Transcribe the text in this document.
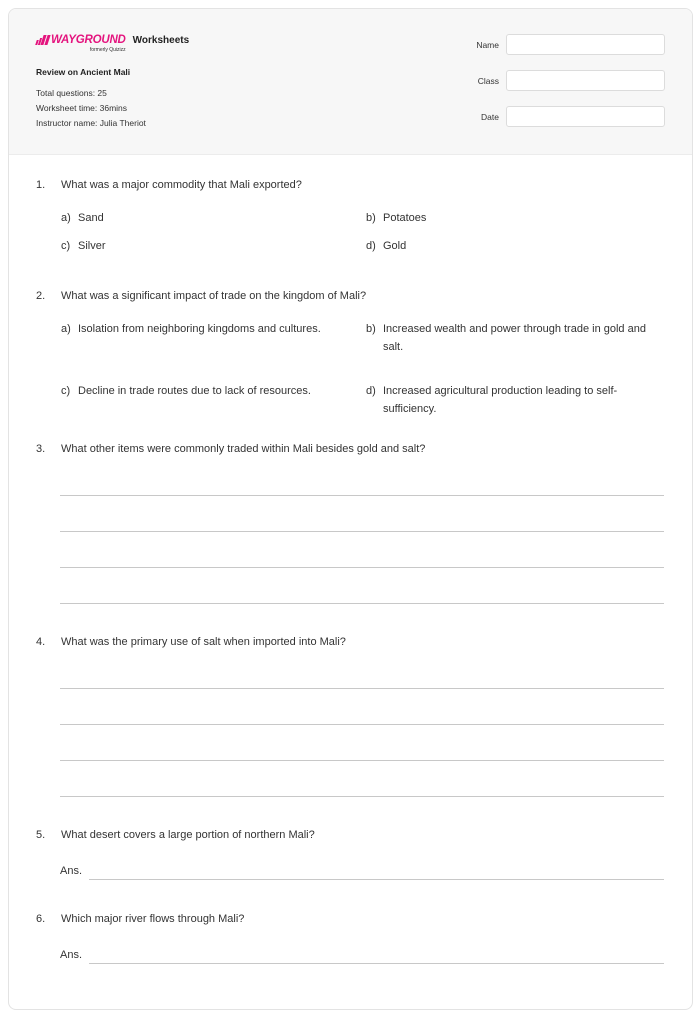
WAYGROUND
formerly Quizizz
Worksheets
Review on Ancient Mali
Total questions: 25
Worksheet time: 36mins
Instructor name: Julia Theriot
Name
Class
Date
1. What was a major commodity that Mali exported?
a) Sand	b) Potatoes
c) Silver	d) Gold
2. What was a significant impact of trade on the kingdom of Mali?
a) Isolation from neighboring kingdoms and cultures.	b) Increased wealth and power through trade in gold and salt.
c) Decline in trade routes due to lack of resources.	d) Increased agricultural production leading to self-sufficiency.
3. What other items were commonly traded within Mali besides gold and salt?
4. What was the primary use of salt when imported into Mali?
5. What desert covers a large portion of northern Mali?
Ans.
6. Which major river flows through Mali?
Ans.
